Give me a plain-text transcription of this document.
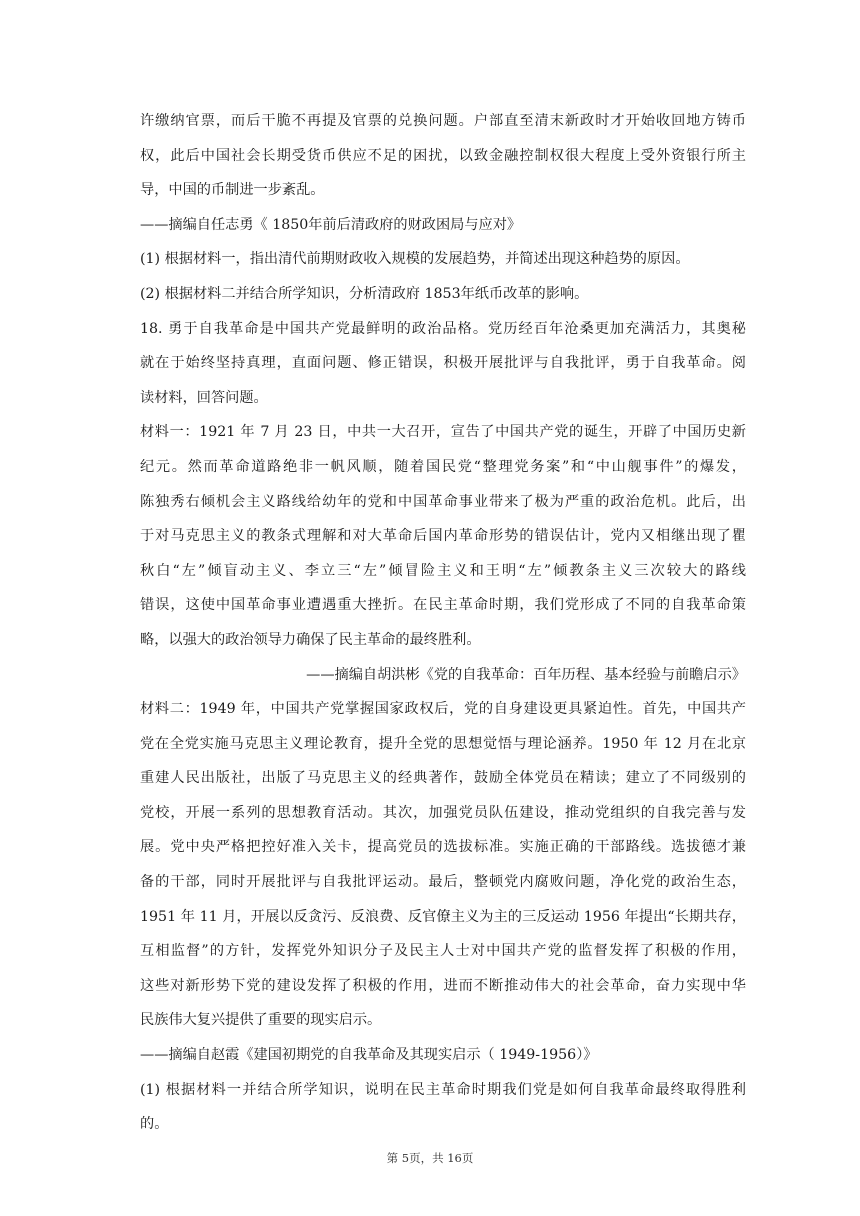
许缴纳官票，而后干脆不再提及官票的兑换问题。户部直至清末新政时才开始收回地方铸币
权，此后中国社会长期受货币供应不足的困扰，以致金融控制权很大程度上受外资银行所主
导，中国的币制进一步紊乱。
——摘编自任志勇《 1850年前后清政府的财政困局与应对》
(1) 根据材料一，指出清代前期财政收入规模的发展趋势，并简述出现这种趋势的原因。
(2) 根据材料二并结合所学知识，分析清政府 1853年纸币改革的影响。
18. 勇于自我革命是中国共产党最鲜明的政治品格。党历经百年沧桑更加充满活力，其奥秘
就在于始终坚持真理，直面问题、修正错误，积极开展批评与自我批评，勇于自我革命。阅
读材料，回答问题。
材料一：1921 年 7 月 23 日，中共一大召开，宣告了中国共产党的诞生，开辟了中国历史新
纪元。然而革命道路绝非一帆风顺，随着国民党“整理党务案”和“中山舰事件”的爆发，
陈独秀右倾机会主义路线给幼年的党和中国革命事业带来了极为严重的政治危机。此后，出
于对马克思主义的教条式理解和对大革命后国内革命形势的错误估计，党内又相继出现了瞿
秋白“左”倾盲动主义、李立三“左”倾冒险主义和王明“左”倾教条主义三次较大的路线
错误，这使中国革命事业遭遇重大挫折。在民主革命时期，我们党形成了不同的自我革命策
略，以强大的政治领导力确保了民主革命的最终胜利。
——摘编自胡洪彬《党的自我革命：百年历程、基本经验与前瞻启示》
材料二：1949 年，中国共产党掌握国家政权后，党的自身建设更具紧迫性。首先，中国共产
党在全党实施马克思主义理论教育，提升全党的思想觉悟与理论涵养。1950 年 12 月在北京
重建人民出版社，出版了马克思主义的经典著作，鼓励全体党员在精读；建立了不同级别的
党校，开展一系列的思想教育活动。其次，加强党员队伍建设，推动党组织的自我完善与发
展。党中央严格把控好准入关卡，提高党员的选拔标准。实施正确的干部路线。选拔德才兼
备的干部，同时开展批评与自我批评运动。最后，整顿党内腐败问题，净化党的政治生态，
1951 年 11 月，开展以反贪污、反浪费、反官僚主义为主的三反运动 1956 年提出“长期共存，
互相监督”的方针，发挥党外知识分子及民主人士对中国共产党的监督发挥了积极的作用，
这些对新形势下党的建设发挥了积极的作用，进而不断推动伟大的社会革命，奋力实现中华
民族伟大复兴提供了重要的现实启示。
——摘编自赵霞《建国初期党的自我革命及其现实启示（ 1949-1956）》
(1) 根据材料一并结合所学知识，说明在民主革命时期我们党是如何自我革命最终取得胜利
的。
第 5页，共 16页
